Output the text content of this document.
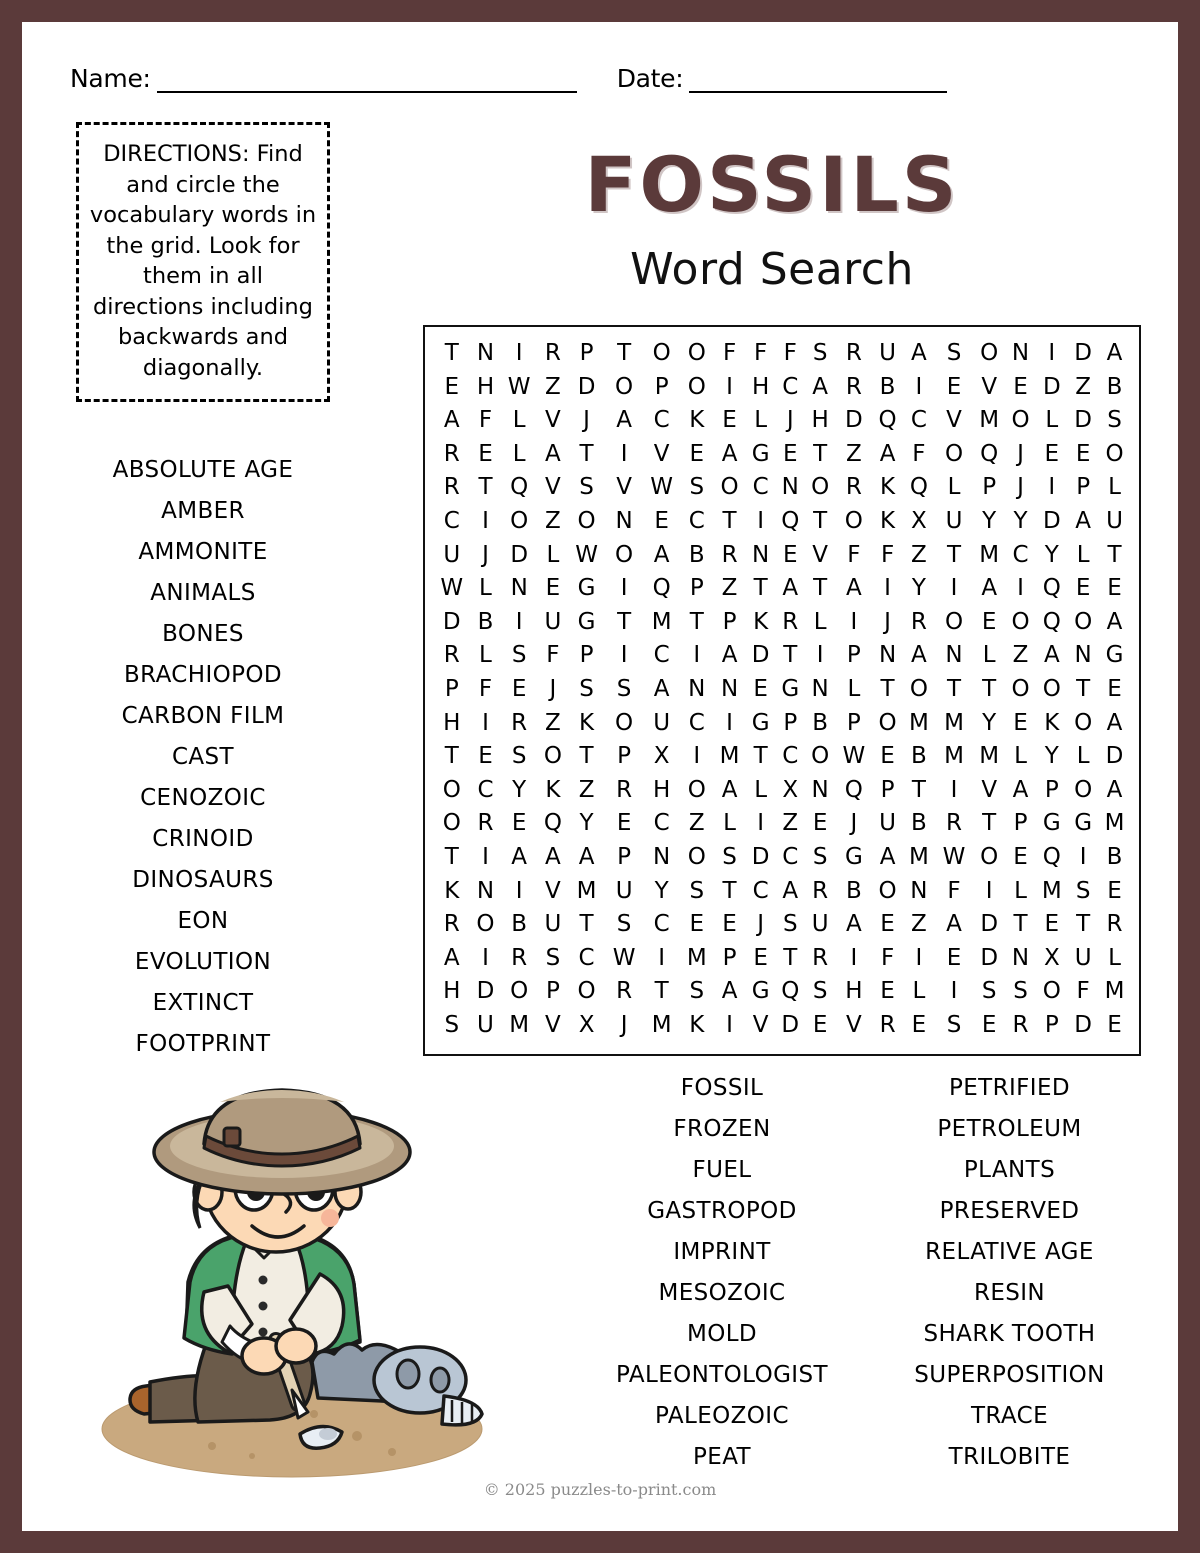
Name:	Date:
DIRECTIONS: Find and circle the vocabulary words in the grid. Look for them in all directions including backwards and diagonally.
FOSSILS
Word Search
ABSOLUTE AGE
AMBER
AMMONITE
ANIMALS
BONES
BRACHIOPOD
CARBON FILM
CAST
CENOZOIC
CRINOID
DINOSAURS
EON
EVOLUTION
EXTINCT
FOOTPRINT
T	N	I	R	P	T	O	O	F	F	F	S	R	U	A	S	O	N	I	D	A
E	H	W	Z	D	O	P	O	I	H	C	A	R	B	I	E	V	E	D	Z	B
A	F	L	V	J	A	C	K	E	L	J	H	D	Q	C	V	M	O	L	D	S
R	E	L	A	T	I	V	E	A	G	E	T	Z	A	F	O	Q	J	E	E	O
R	T	Q	V	S	V	W	S	O	C	N	O	R	K	Q	L	P	J	I	P	L
C	I	O	Z	O	N	E	C	T	I	Q	T	O	K	X	U	Y	Y	D	A	U
U	J	D	L	W	O	A	B	R	N	E	V	F	F	Z	T	M	C	Y	L	T
W	L	N	E	G	I	Q	P	Z	T	A	T	A	I	Y	I	A	I	Q	E	E
D	B	I	U	G	T	M	T	P	K	R	L	I	J	R	O	E	O	Q	O	A
R	L	S	F	P	I	C	I	A	D	T	I	P	N	A	N	L	Z	A	N	G
P	F	E	J	S	S	A	N	N	E	G	N	L	T	O	T	T	O	O	T	E
H	I	R	Z	K	O	U	C	I	G	P	B	P	O	M	M	Y	E	K	O	A
T	E	S	O	T	P	X	I	M	T	C	O	W	E	B	M	M	L	Y	L	D
O	C	Y	K	Z	R	H	O	A	L	X	N	Q	P	T	I	V	A	P	O	A
O	R	E	Q	Y	E	C	Z	L	I	Z	E	J	U	B	R	T	P	G	G	M
T	I	A	A	A	P	N	O	S	D	C	S	G	A	M	W	O	E	Q	I	B
K	N	I	V	M	U	Y	S	T	C	A	R	B	O	N	F	I	L	M	S	E
R	O	B	U	T	S	C	E	E	J	S	U	A	E	Z	A	D	T	E	T	R
A	I	R	S	C	W	I	M	P	E	T	R	I	F	I	E	D	N	X	U	L
H	D	O	P	O	R	T	S	A	G	Q	S	H	E	L	I	S	S	O	F	M
S	U	M	V	X	J	M	K	I	V	D	E	V	R	E	S	E	R	P	D	E
FOSSIL
FROZEN
FUEL
GASTROPOD
IMPRINT
MESOZOIC
MOLD
PALEONTOLOGIST
PALEOZOIC
PEAT
PETRIFIED
PETROLEUM
PLANTS
PRESERVED
RELATIVE AGE
RESIN
SHARK TOOTH
SUPERPOSITION
TRACE
TRILOBITE
© 2025 puzzles-to-print.com
